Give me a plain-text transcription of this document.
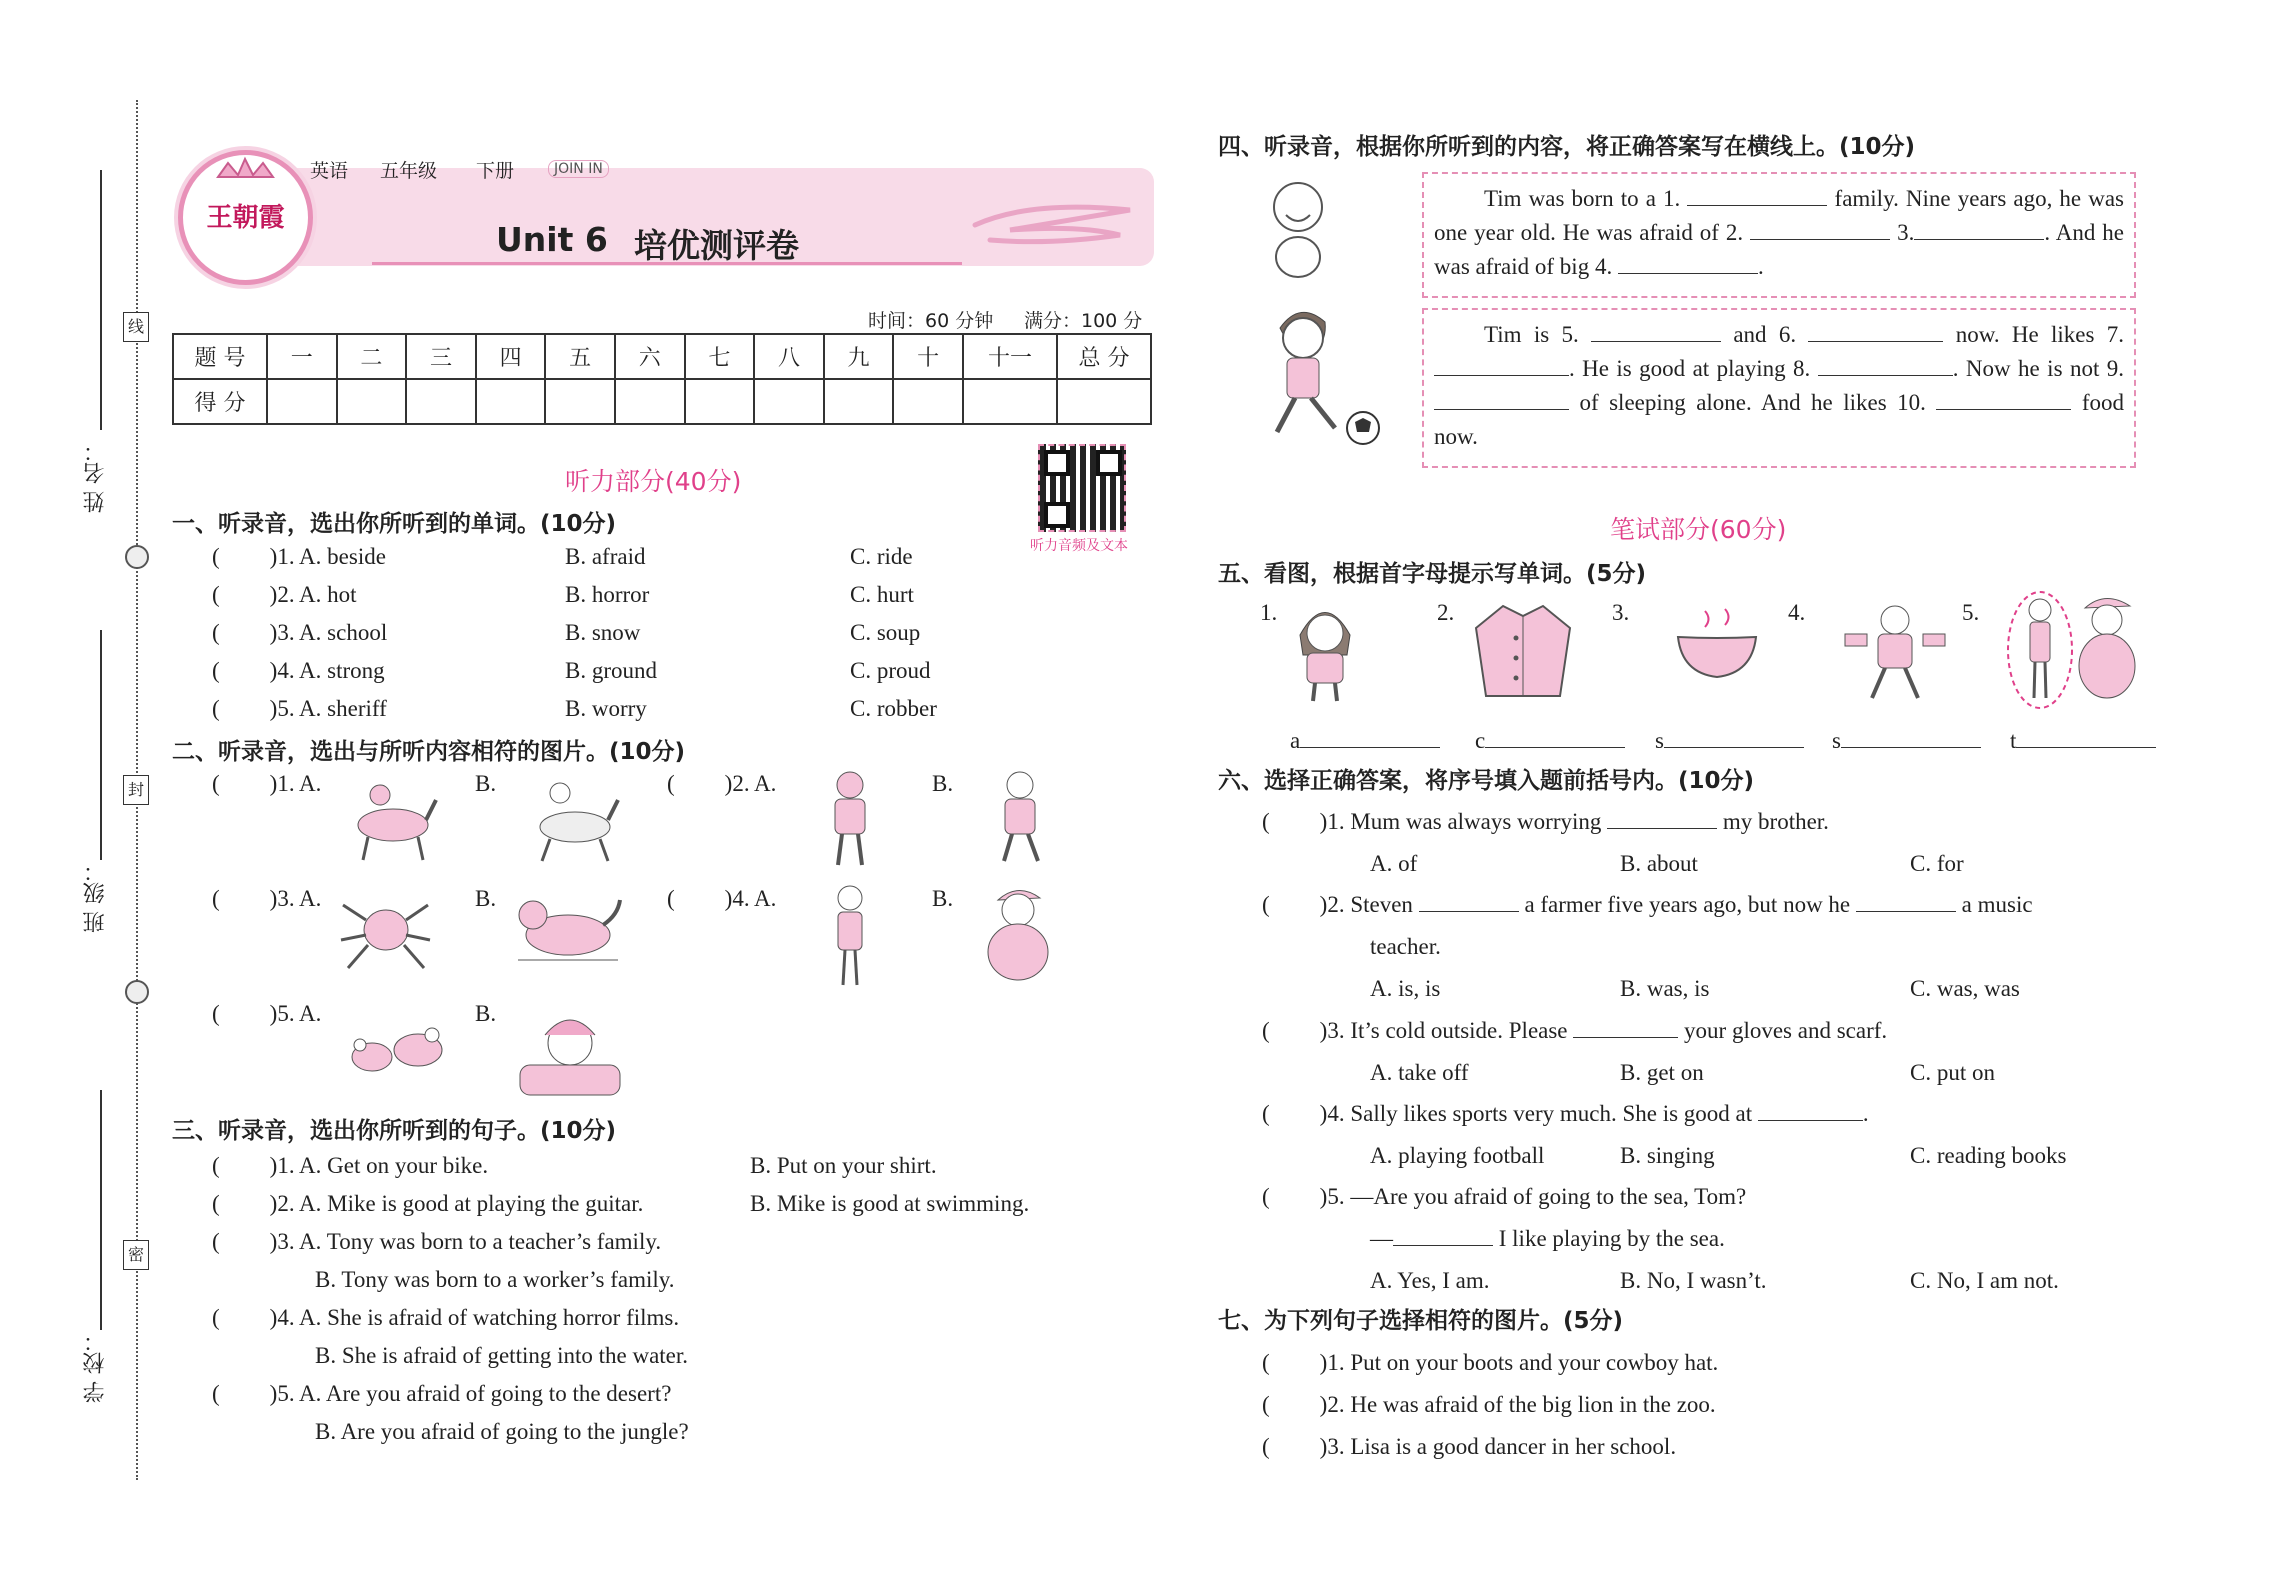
姓 名：
班 级：
学 校：
线
封
密
王朝霞
英语 五年级 下册	JOIN IN
Unit 6 培优测评卷
时间：60 分钟 满分：100 分
题 号	一	二	三	四	五	六	七	八	九	十	十一	总 分
得 分												
听力部分(40分)
听力音频及文本
一、听录音，选出你所听到的单词。(10分)
( )1. A. beside	B. afraid	C. ride
( )2. A. hot	B. horror	C. hurt
( )3. A. school	B. snow	C. soup
( )4. A. strong	B. ground	C. proud
( )5. A. sheriff	B. worry	C. robber
二、听录音，选出与所听内容相符的图片。(10分)
( )1. A.	B.	( )2. A.	B.
( )3. A.	B.	( )4. A.	B.
( )5. A.	B.
三、听录音，选出你所听到的句子。(10分)
( )1. A. Get on your bike.	B. Put on your shirt.
( )2. A. Mike is good at playing the guitar.	B. Mike is good at swimming.
( )3. A. Tony was born to a teacher’s family.
B. Tony was born to a worker’s family.
( )4. A. She is afraid of watching horror films.
B. She is afraid of getting into the water.
( )5. A. Are you afraid of going to the desert?
B. Are you afraid of going to the jungle?
四、听录音，根据你所听到的内容，将正确答案写在横线上。(10分)
Tim was born to a 1.	family. Nine years ago, he was one year old. He was afraid of 2.	3.	. And he was afraid of big 4.	.
Tim is 5.	and 6.	now. He likes 7. . He is good at playing 8.	. Now he is not 9.  of sleeping alone. And he likes 10.	food now.
笔试部分(60分)
五、看图，根据首字母提示写单词。(5分)
1.	2.	3.	4.	5.
a	c	s	s	t
六、选择正确答案，将序号填入题前括号内。(10分)
( )1. Mum was always worrying	my brother.
A. of	B. about	C. for
( )2. Steven	a farmer five years ago, but now he	a music
teacher.
A. is, is	B. was, is	C. was, was
( )3. It’s cold outside. Please	your gloves and scarf.
A. take off	B. get on	C. put on
( )4. Sally likes sports very much. She is good at	.
A. playing football	B. singing	C. reading books
( )5. —Are you afraid of going to the sea, Tom?
—	I like playing by the sea.
A. Yes, I am.	B. No, I wasn’t.	C. No, I am not.
七、为下列句子选择相符的图片。(5分)
( )1. Put on your boots and your cowboy hat.
( )2. He was afraid of the big lion in the zoo.
( )3. Lisa is a good dancer in her school.
